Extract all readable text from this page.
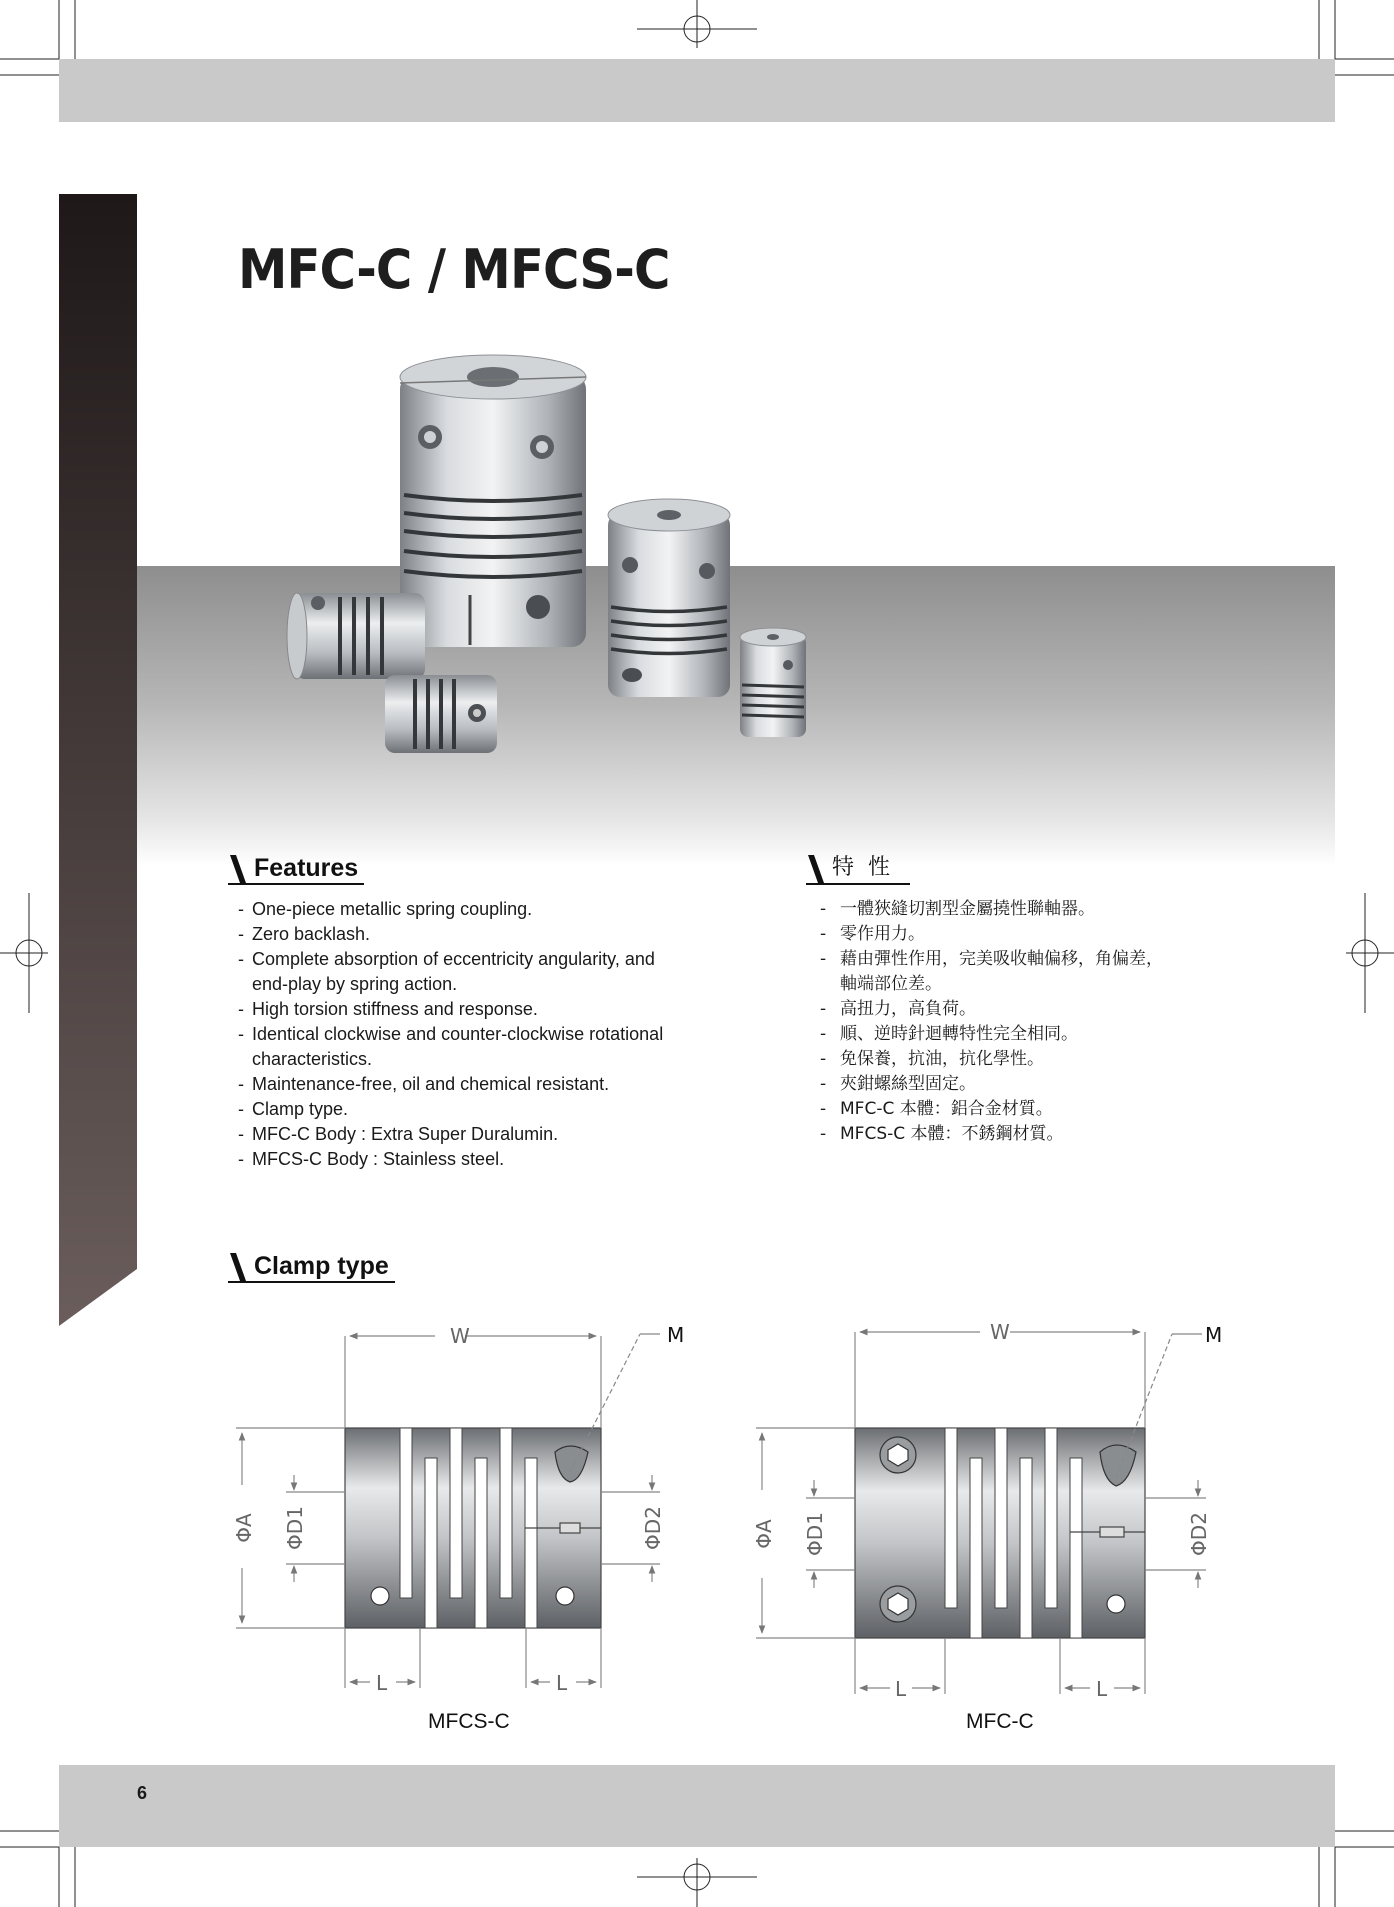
MFC-C / MFCS-C
Features	特性
- One-piece metallic spring coupling.
- Zero backlash.
- Complete absorption of eccentricity angularity, and
end-play by spring action.
- High torsion stiffness and response.
- Identical clockwise and counter-clockwise rotational
characteristics.
- Maintenance-free, oil and chemical resistant.
- Clamp type.
- MFC-C Body : Extra Super Duralumin.
- MFCS-C Body : Stainless steel.
- 一體狹縫切割型金屬撓性聯軸器。
- 零作用力。
- 藉由彈性作用，完美吸收軸偏移，角偏差，
軸端部位差。
- 高扭力，高負荷。
- 順、逆時針迴轉特性完全相同。
- 免保養，抗油，抗化學性。
- 夾鉗螺絲型固定。
- MFC-C 本體：鋁合金材質。
- MFCS-C 本體：不銹鋼材質。
Clamp type
W	M
ΦA ΦD1	ΦD2
L	L
W	M
ΦA ΦD1	ΦD2
L	L
MFCS-C	MFC-C
6
